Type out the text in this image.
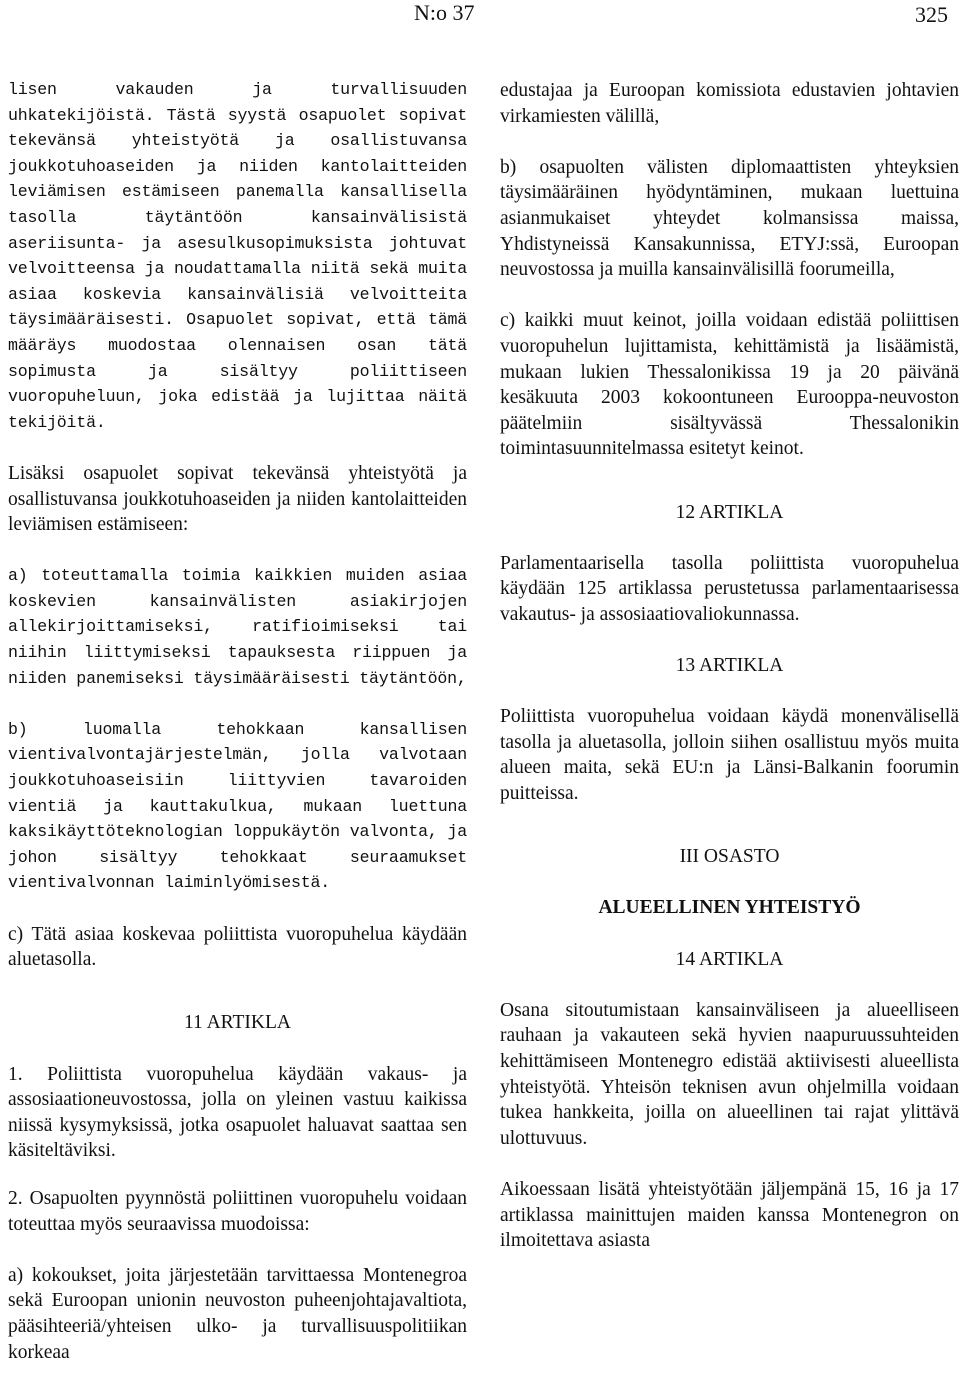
N:o 37	325

lisen vakauden ja turvallisuuden uhkatekijöistä. Tästä syystä osapuolet sopivat tekevänsä yhteistyötä ja osallistuvansa joukkotuhoaseiden ja niiden kantolaitteiden leviämisen estämiseen panemalla kansallisella tasolla täytäntöön kansainvälisistä aseriisunta- ja asesulkusopimuksista johtuvat velvoitteensa ja noudattamalla niitä sekä muita asiaa koskevia kansainvälisiä velvoitteita täysimääräisesti. Osapuolet sopivat, että tämä määräys muodostaa olennaisen osan tätä sopimusta ja sisältyy poliittiseen vuoropuheluun, joka edistää ja lujittaa näitä tekijöitä.

Lisäksi osapuolet sopivat tekevänsä yhteistyötä ja osallistuvansa joukkotuhoaseiden ja niiden kantolaitteiden leviämisen estämiseen:

a) toteuttamalla toimia kaikkien muiden asiaa koskevien kansainvälisten asiakirjojen allekirjoittamiseksi, ratifioimiseksi tai niihin liittymiseksi tapauksesta riippuen ja niiden panemiseksi täysimääräisesti täytäntöön,

b) luomalla tehokkaan kansallisen vientivalvontajärjestelmän, jolla valvotaan joukkotuhoaseisiin liittyvien tavaroiden vientiä ja kauttakulkua, mukaan luettuna kaksikäyttöteknologian loppukäytön valvonta, ja johon sisältyy tehokkaat seuraamukset vientivalvonnan laiminlyömisestä.

c) Tätä asiaa koskevaa poliittista vuoropuhelua käydään aluetasolla.

11 ARTIKLA

1. Poliittista vuoropuhelua käydään vakaus- ja assosiaationeuvostossa, jolla on yleinen vastuu kaikissa niissä kysymyksissä, jotka osapuolet haluavat saattaa sen käsiteltäviksi.

2. Osapuolten pyynnöstä poliittinen vuoropuhelu voidaan toteuttaa myös seuraavissa muodoissa:

a) kokoukset, joita järjestetään tarvittaessa Montenegroa sekä Euroopan unionin neuvoston puheenjohtajavaltiota, pääsihteeriä/yhteisen ulko- ja turvallisuuspolitiikan korkeaa

edustajaa ja Euroopan komissiota edustavien johtavien virkamiesten välillä,

b) osapuolten välisten diplomaattisten yhteyksien täysimääräinen hyödyntäminen, mukaan luettuina asianmukaiset yhteydet kolmansissa maissa, Yhdistyneissä Kansakunnissa, ETYJ:ssä, Euroopan neuvostossa ja muilla kansainvälisillä foorumeilla,

c) kaikki muut keinot, joilla voidaan edistää poliittisen vuoropuhelun lujittamista, kehittämistä ja lisäämistä, mukaan lukien Thessalonikissa 19 ja 20 päivänä kesäkuuta 2003 kokoontuneen Eurooppa-neuvoston päätelmiin sisältyvässä Thessalonikin toimintasuunnitelmassa esitetyt keinot.

12 ARTIKLA

Parlamentaarisella tasolla poliittista vuoropuhelua käydään 125 artiklassa perustetussa parlamentaarisessa vakautus- ja assosiaatiovaliokunnassa.

13 ARTIKLA

Poliittista vuoropuhelua voidaan käydä monenvälisellä tasolla ja aluetasolla, jolloin siihen osallistuu myös muita alueen maita, sekä EU:n ja Länsi-Balkanin foorumin puitteissa.

III OSASTO

ALUEELLINEN YHTEISTYÖ

14 ARTIKLA

Osana sitoutumistaan kansainväliseen ja alueelliseen rauhaan ja vakauteen sekä hyvien naapuruussuhteiden kehittämiseen Montenegro edistää aktiivisesti alueellista yhteistyötä. Yhteisön teknisen avun ohjelmilla voidaan tukea hankkeita, joilla on alueellinen tai rajat ylittävä ulottuvuus.

Aikoessaan lisätä yhteistyötään jäljempänä 15, 16 ja 17 artiklassa mainittujen maiden kanssa Montenegron on ilmoitettava asiasta
